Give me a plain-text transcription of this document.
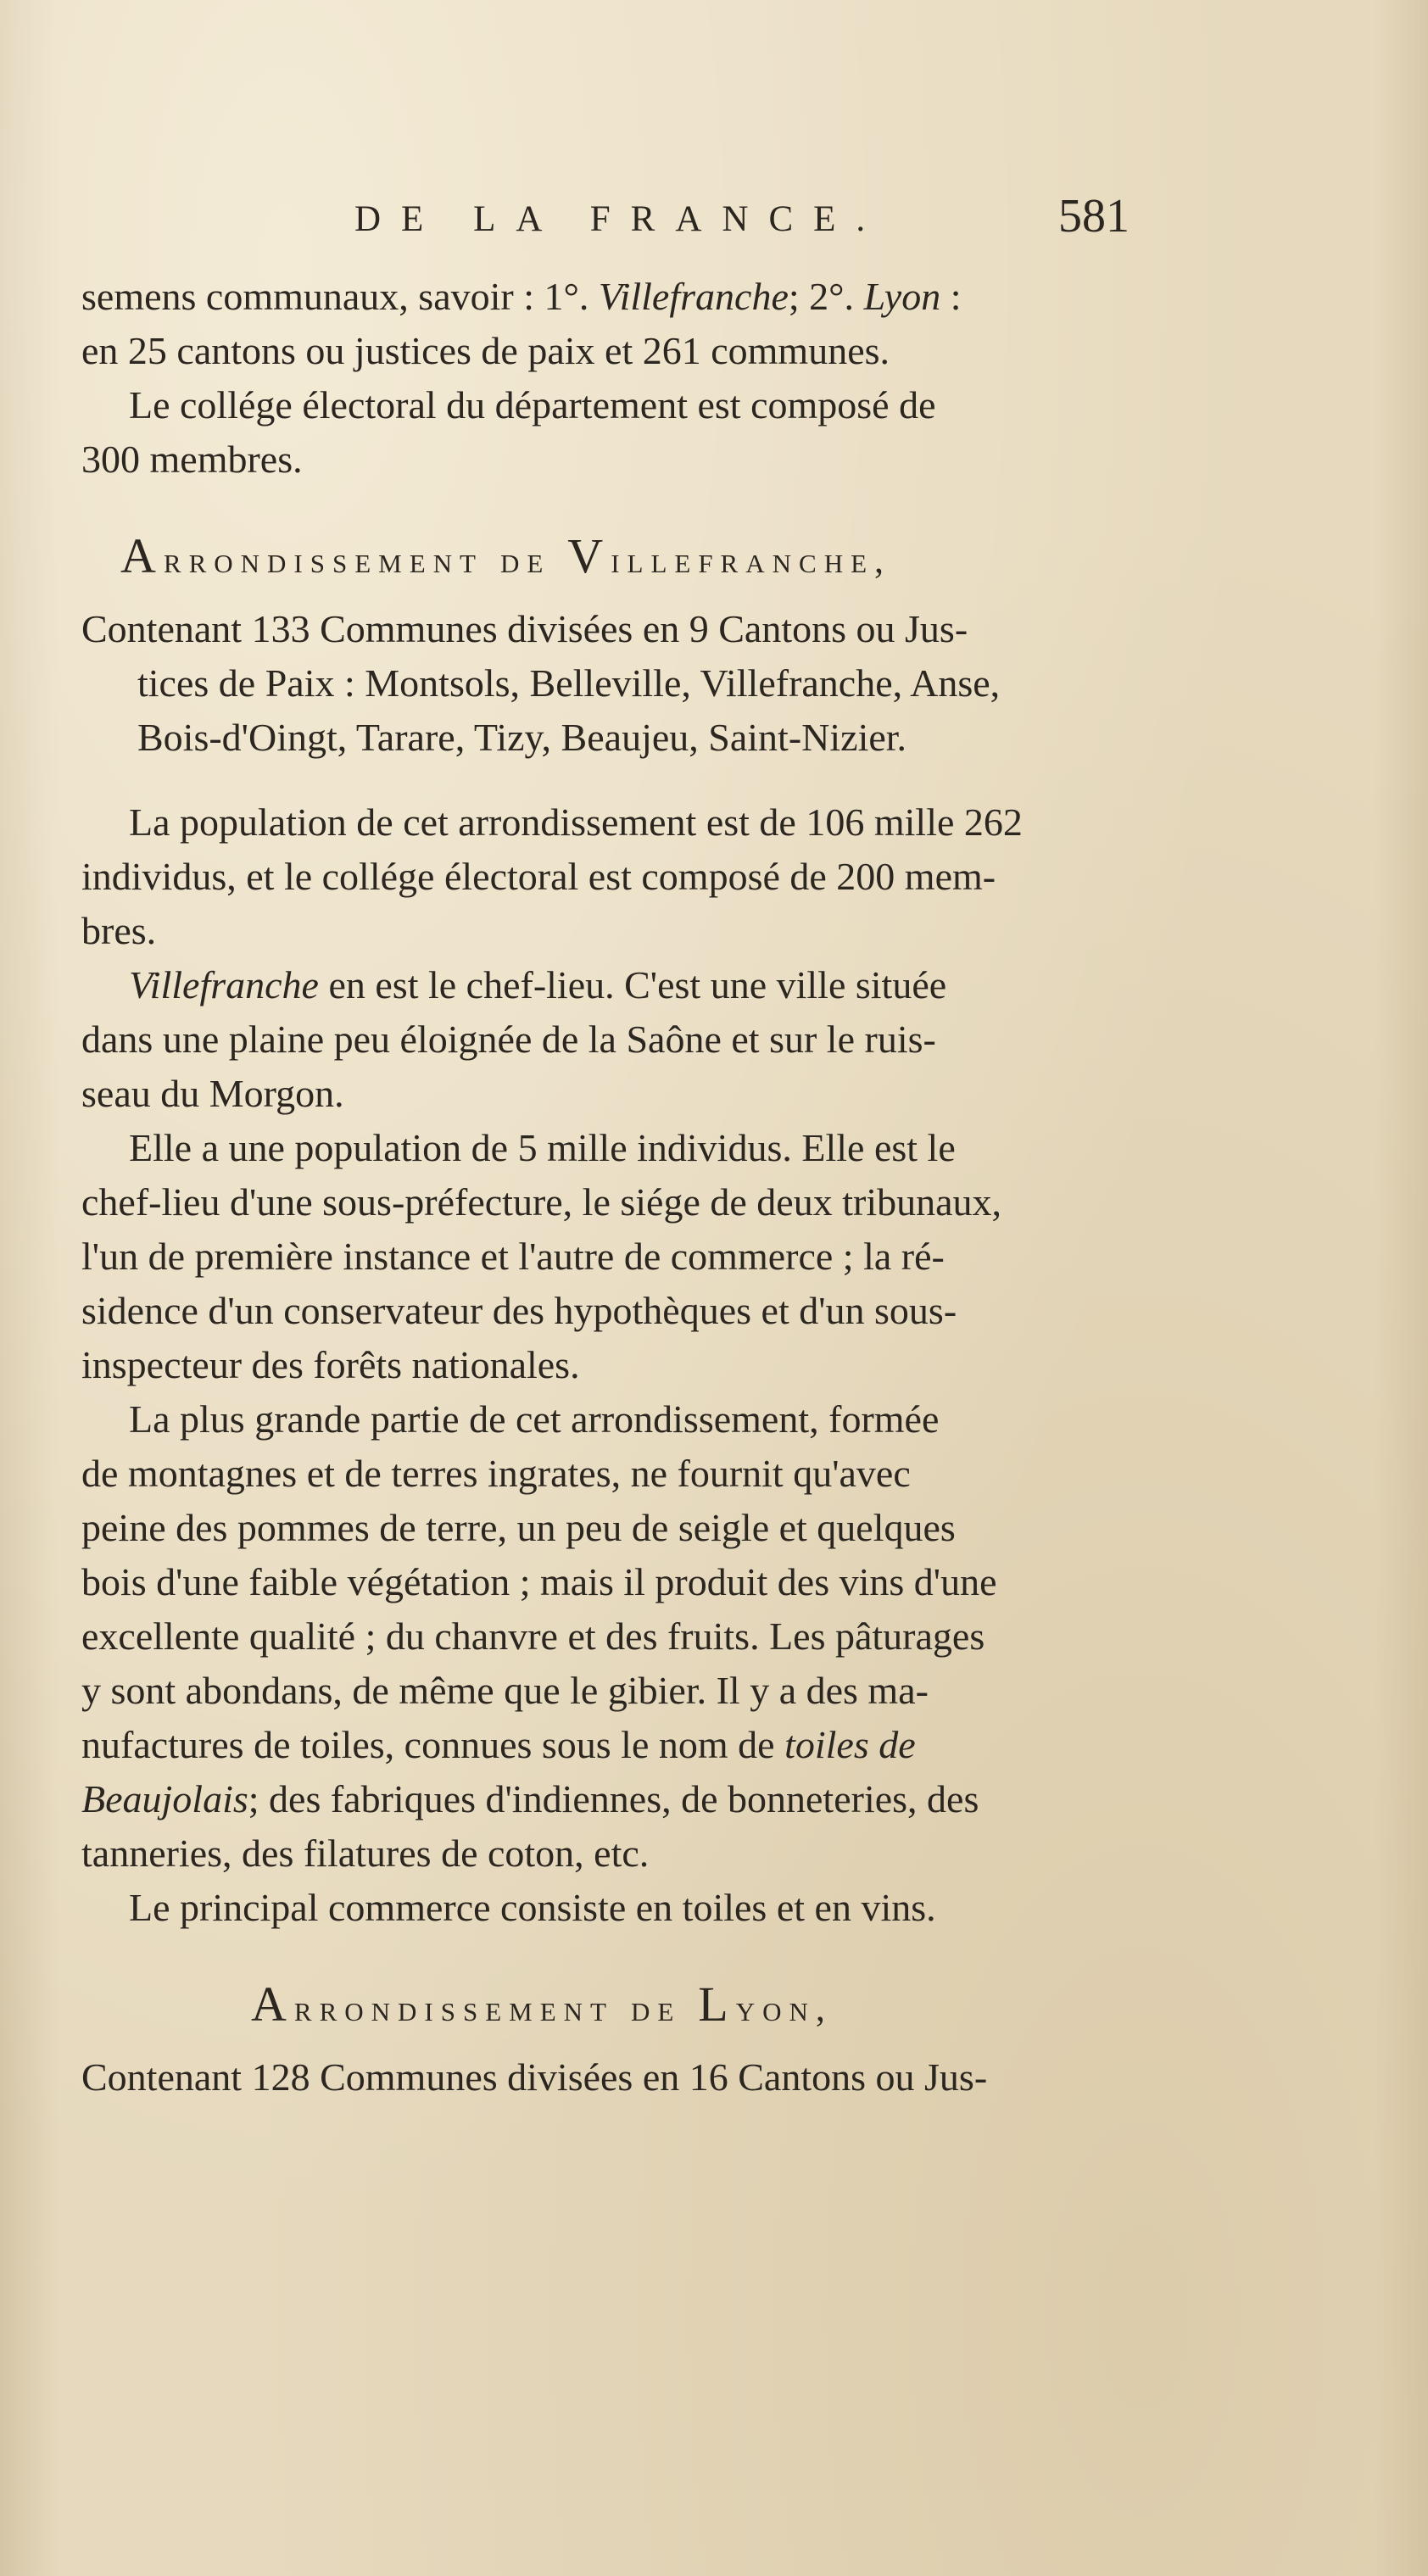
DE LA FRANCE.	581
semens communaux, savoir : 1°. Villefranche; 2°. Lyon :
en 25 cantons ou justices de paix et 261 communes.
Le collége électoral du département est composé de
300 membres.
Arrondissement de Villefranche,
Contenant 133 Communes divisées en 9 Cantons ou Jus-
tices de Paix : Montsols, Belleville, Villefranche, Anse,
Bois-d'Oingt, Tarare, Tizy, Beaujeu, Saint-Nizier.
La population de cet arrondissement est de 106 mille 262
individus, et le collége électoral est composé de 200 mem-
bres.
Villefranche en est le chef-lieu. C'est une ville située
dans une plaine peu éloignée de la Saône et sur le ruis-
seau du Morgon.
Elle a une population de 5 mille individus. Elle est le
chef-lieu d'une sous-préfecture, le siége de deux tribunaux,
l'un de première instance et l'autre de commerce ; la ré-
sidence d'un conservateur des hypothèques et d'un sous-
inspecteur des forêts nationales.
La plus grande partie de cet arrondissement, formée
de montagnes et de terres ingrates, ne fournit qu'avec
peine des pommes de terre, un peu de seigle et quelques
bois d'une faible végétation ; mais il produit des vins d'une
excellente qualité ; du chanvre et des fruits. Les pâturages
y sont abondans, de même que le gibier. Il y a des ma-
nufactures de toiles, connues sous le nom de toiles de
Beaujolais; des fabriques d'indiennes, de bonneteries, des
tanneries, des filatures de coton, etc.
Le principal commerce consiste en toiles et en vins.
Arrondissement de Lyon,
Contenant 128 Communes divisées en 16 Cantons ou Jus-
